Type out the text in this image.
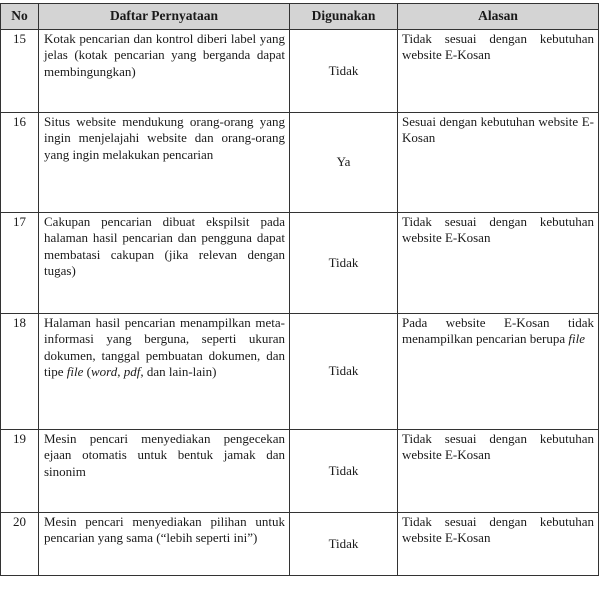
No	Daftar Pernyataan	Digunakan	Alasan
15	Kotak pencarian dan kontrol diberi label yang jelas (kotak pencarian yang berganda dapat membingungkan)	Tidak	Tidak sesuai dengan kebutuhan website E-Kosan
16	Situs website mendukung orang-orang yang ingin menjelajahi website dan orang-orang yang ingin melakukan pencarian	Ya	Sesuai dengan kebutuhan website E-Kosan
17	Cakupan pencarian dibuat ekspilsit pada halaman hasil pencarian dan pengguna dapat membatasi cakupan (jika relevan dengan tugas)	Tidak	Tidak sesuai dengan kebutuhan website E-Kosan
18	Halaman hasil pencarian menampilkan meta-informasi yang berguna, seperti ukuran dokumen, tanggal pembuatan dokumen, dan tipe file (word, pdf, dan lain-lain)	Tidak	Pada website E-Kosan tidak menampilkan pencarian berupa file
19	Mesin pencari menyediakan pengecekan ejaan otomatis untuk bentuk jamak dan sinonim	Tidak	Tidak sesuai dengan kebutuhan website E-Kosan
20	Mesin pencari menyediakan pilihan untuk pencarian yang sama (“lebih seperti ini”)	Tidak	Tidak sesuai dengan kebutuhan website E-Kosan
